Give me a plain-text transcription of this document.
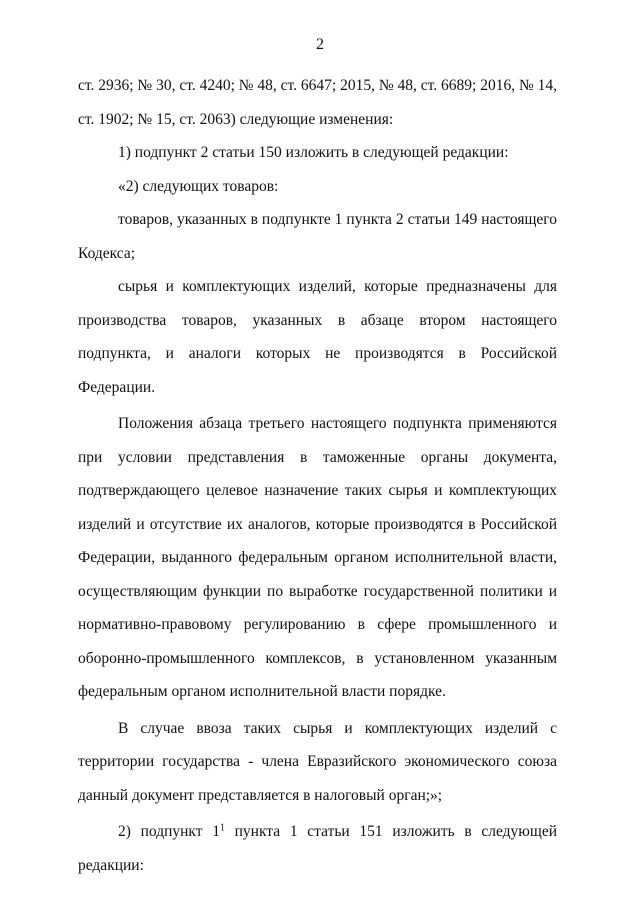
2

ст. 2936; № 30, ст. 4240; № 48, ст. 6647; 2015, № 48, ст. 6689; 2016, № 14, ст. 1902; № 15, ст. 2063) следующие изменения:

1) подпункт 2 статьи 150 изложить в следующей редакции:

«2) следующих товаров:

товаров, указанных в подпункте 1 пункта 2 статьи 149 настоящего Кодекса;

сырья и комплектующих изделий, которые предназначены для производства товаров, указанных в абзаце втором настоящего подпункта, и аналоги которых не производятся в Российской Федерации.

Положения абзаца третьего настоящего подпункта применяются при условии представления в таможенные органы документа, подтверждающего целевое назначение таких сырья и комплектующих изделий и отсутствие их аналогов, которые производятся в Российской Федерации, выданного федеральным органом исполнительной власти, осуществляющим функции по выработке государственной политики и нормативно-правовому регулированию в сфере промышленного и оборонно-промышленного комплексов, в установленном указанным федеральным органом исполнительной власти порядке.

В случае ввоза таких сырья и комплектующих изделий с территории государства - члена Евразийского экономического союза данный документ представляется в налоговый орган;»;

2) подпункт $1^1$ пункта 1 статьи 151 изложить в следующей редакции:
